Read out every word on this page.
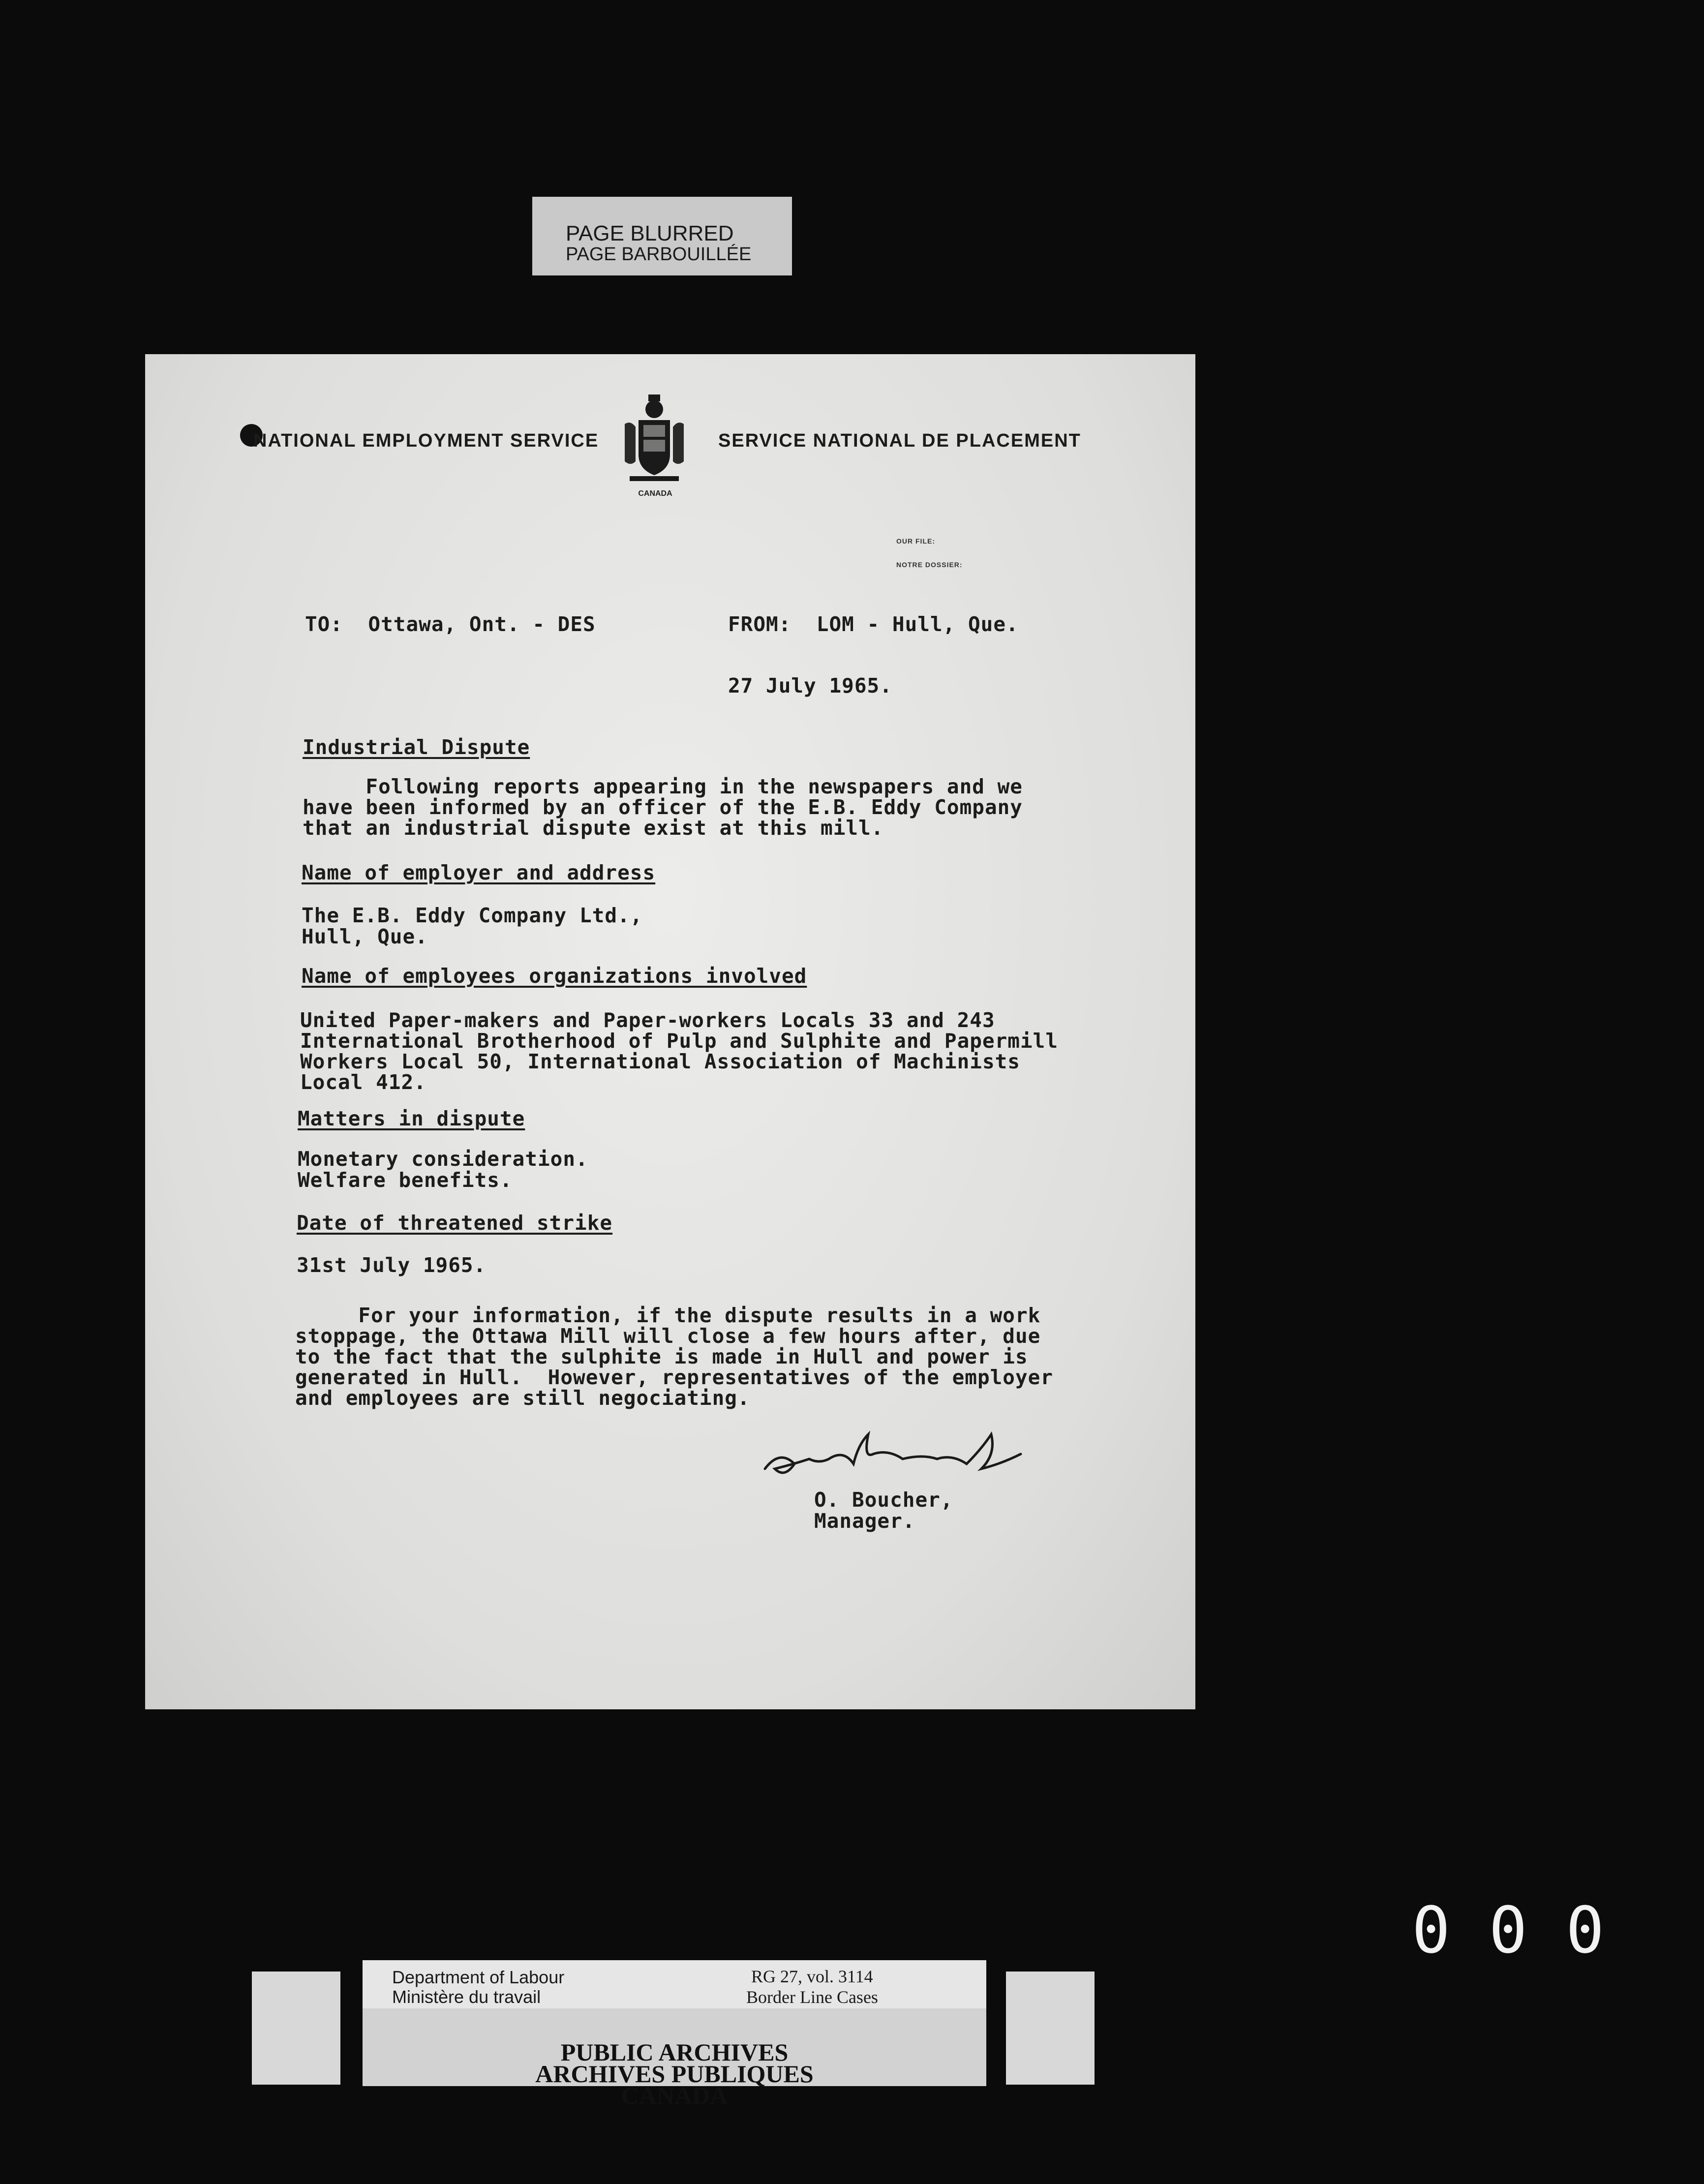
PAGE BLURRED
PAGE BARBOUILLÉE
NATIONAL EMPLOYMENT SERVICE
CANADA
SERVICE NATIONAL DE PLACEMENT
OUR FILE:
NOTRE DOSSIER:
TO:  Ottawa, Ont. - DES	FROM:  LOM - Hull, Que.
27 July 1965.
Industrial Dispute
Following reports appearing in the newspapers and we
have been informed by an officer of the E.B. Eddy Company
that an industrial dispute exist at this mill.
Name of employer and address
The E.B. Eddy Company Ltd.,
Hull, Que.
Name of employees organizations involved
United Paper-makers and Paper-workers Locals 33 and 243
International Brotherhood of Pulp and Sulphite and Papermill
Workers Local 50, International Association of Machinists
Local 412.
Matters in dispute
Monetary consideration.
Welfare benefits.
Date of threatened strike
31st July 1965.
For your information, if the dispute results in a work
stoppage, the Ottawa Mill will close a few hours after, due
to the fact that the sulphite is made in Hull and power is
generated in Hull.  However, representatives of the employer
and employees are still negociating.
O. Boucher,
Manager.
Department of Labour
Ministère du travail
RG 27, vol. 3114
Border Line Cases
PUBLIC ARCHIVES
ARCHIVES PUBLIQUES
CANADA
0 0 0
